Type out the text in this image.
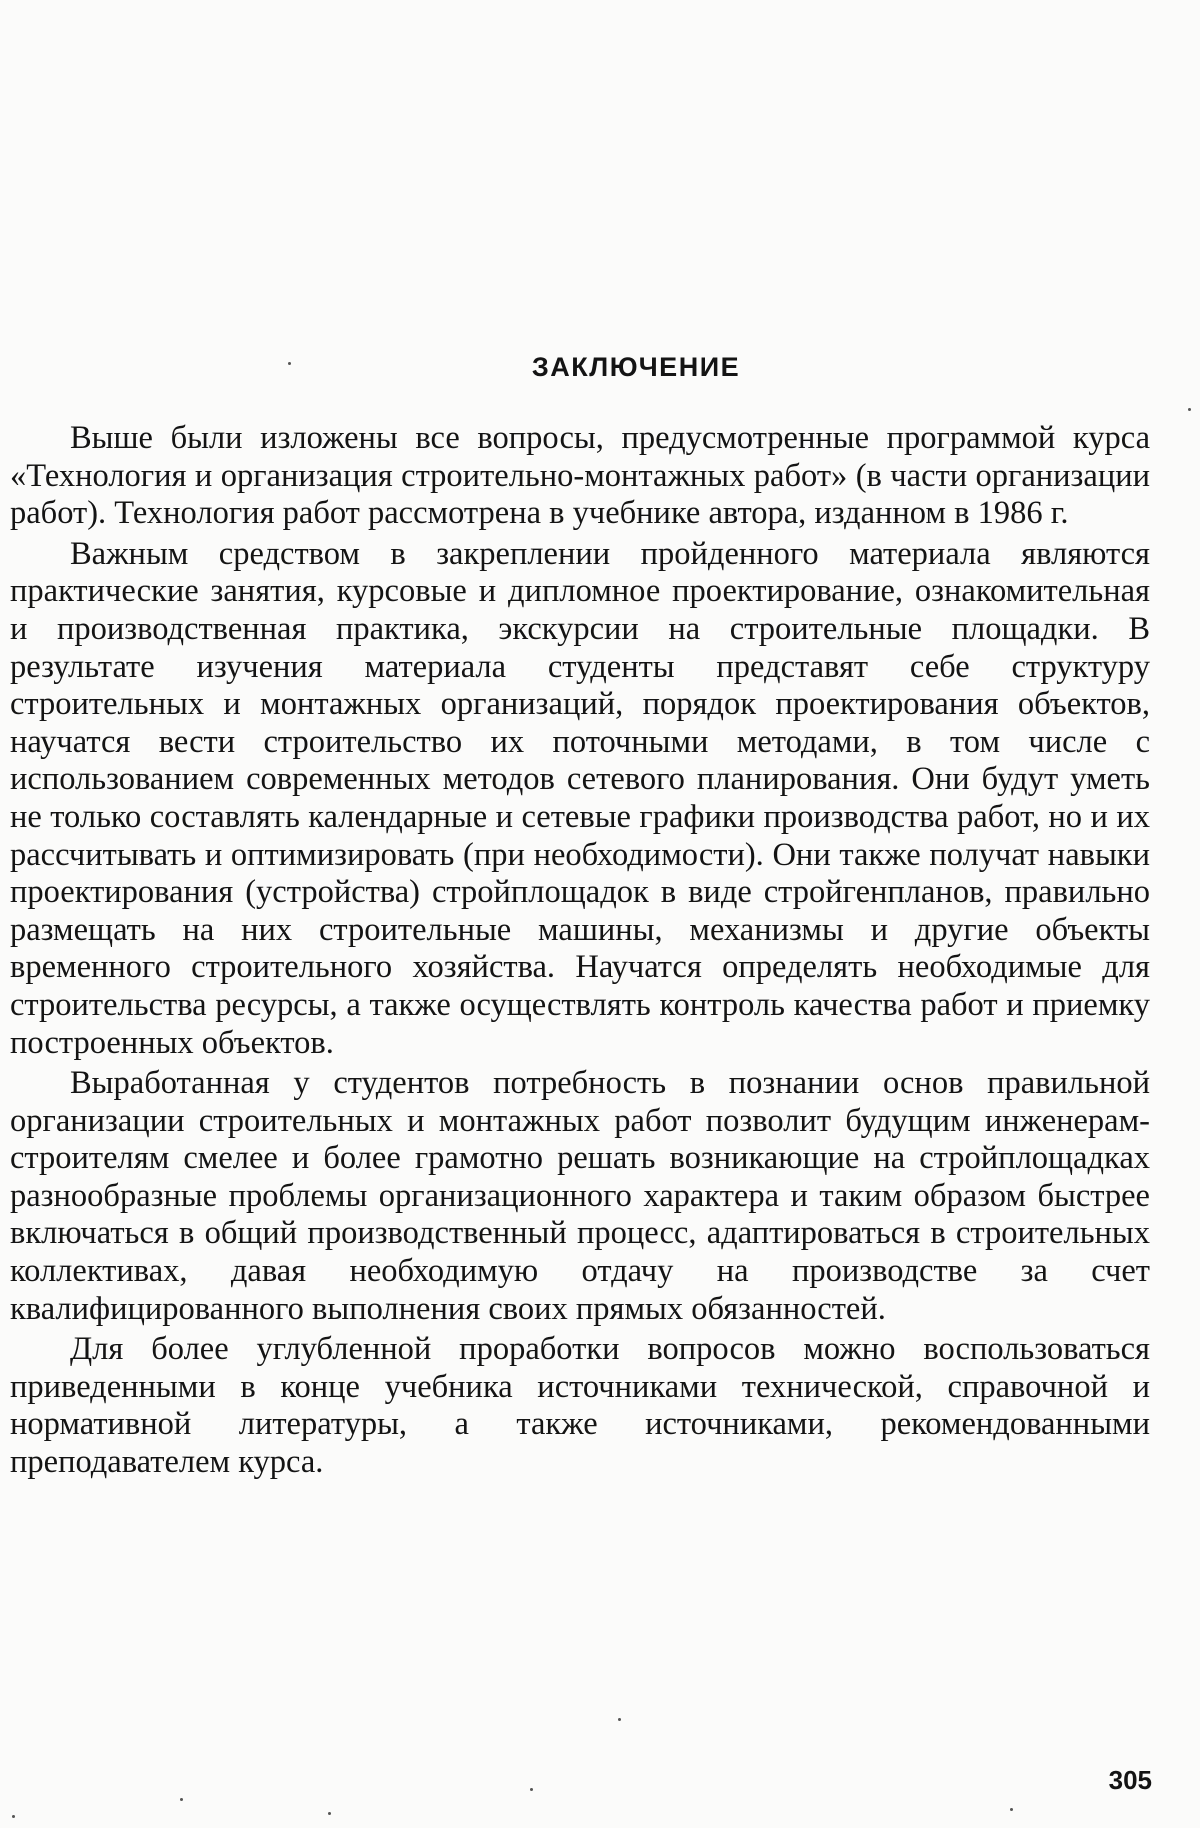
ЗАКЛЮЧЕНИЕ

Выше были изложены все вопросы, предусмотренные программой курса «Технология и организация строительно-монтажных работ» (в части организации работ). Технология работ рассмотрена в учебнике автора, изданном в 1986 г.

Важным средством в закреплении пройденного материала являются практические занятия, курсовые и дипломное проектирование, ознакомительная и производственная практика, экскурсии на строительные площадки. В результате изучения материала студенты представят себе структуру строительных и монтажных организаций, порядок проектирования объектов, научатся вести строительство их поточными методами, в том числе с использованием современных методов сетевого планирования. Они будут уметь не только составлять календарные и сетевые графики производства работ, но и их рассчитывать и оптимизировать (при необходимости). Они также получат навыки проектирования (устройства) стройплощадок в виде стройгенпланов, правильно размещать на них строительные машины, механизмы и другие объекты временного строительного хозяйства. Научатся определять необходимые для строительства ресурсы, а также осуществлять контроль качества работ и приемку построенных объектов.

Выработанная у студентов потребность в познании основ правильной организации строительных и монтажных работ позволит будущим инженерам-строителям смелее и более грамотно решать возникающие на стройплощадках разнообразные проблемы организационного характера и таким образом быстрее включаться в общий производственный процесс, адаптироваться в строительных коллективах, давая необходимую отдачу на производстве за счет квалифицированного выполнения своих прямых обязанностей.

Для более углубленной проработки вопросов можно воспользоваться приведенными в конце учебника источниками технической, справочной и нормативной литературы, а также источниками, рекомендованными преподавателем курса.

305
